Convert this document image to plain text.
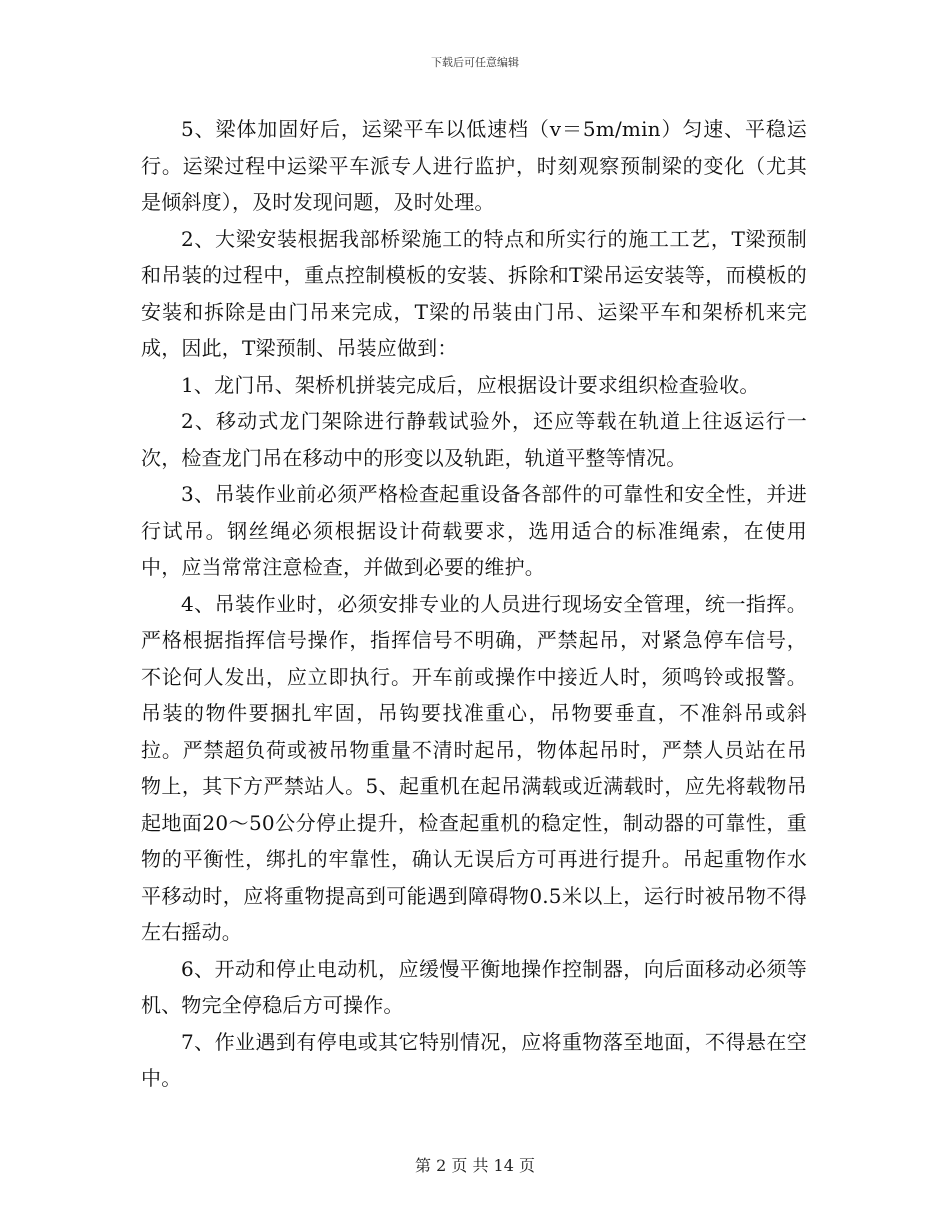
下载后可任意编辑

5、梁体加固好后，运梁平车以低速档（v＝5m/min）匀速、平稳运行。运梁过程中运梁平车派专人进行监护，时刻观察预制梁的变化（尤其是倾斜度），及时发现问题，及时处理。

2、大梁安装根据我部桥梁施工的特点和所实行的施工工艺，T梁预制和吊装的过程中，重点控制模板的安装、拆除和T梁吊运安装等，而模板的安装和拆除是由门吊来完成，T梁的吊装由门吊、运梁平车和架桥机来完成，因此，T梁预制、吊装应做到：

1、龙门吊、架桥机拼装完成后，应根据设计要求组织检查验收。

2、移动式龙门架除进行静载试验外，还应等载在轨道上往返运行一次，检查龙门吊在移动中的形变以及轨距，轨道平整等情况。

3、吊装作业前必须严格检查起重设备各部件的可靠性和安全性，并进行试吊。钢丝绳必须根据设计荷载要求，选用适合的标准绳索，在使用中，应当常常注意检查，并做到必要的维护。

4、吊装作业时，必须安排专业的人员进行现场安全管理，统一指挥。严格根据指挥信号操作，指挥信号不明确，严禁起吊，对紧急停车信号，不论何人发出，应立即执行。开车前或操作中接近人时，须鸣铃或报警。吊装的物件要捆扎牢固，吊钩要找准重心，吊物要垂直，不准斜吊或斜拉。严禁超负荷或被吊物重量不清时起吊，物体起吊时，严禁人员站在吊物上，其下方严禁站人。5、起重机在起吊满载或近满载时，应先将载物吊起地面20～50公分停止提升，检查起重机的稳定性，制动器的可靠性，重物的平衡性，绑扎的牢靠性，确认无误后方可再进行提升。吊起重物作水平移动时，应将重物提高到可能遇到障碍物0.5米以上，运行时被吊物不得左右摇动。

6、开动和停止电动机，应缓慢平衡地操作控制器，向后面移动必须等机、物完全停稳后方可操作。

7、作业遇到有停电或其它特别情况，应将重物落至地面，不得悬在空中。

第 2 页 共 14 页
